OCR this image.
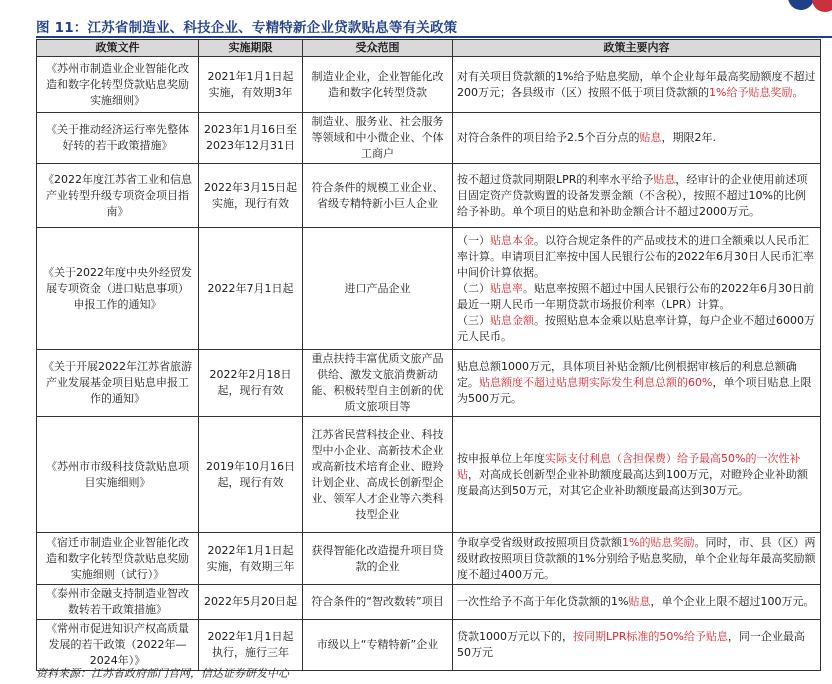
图 11：江苏省制造业、科技企业、专精特新企业贷款贴息等有关政策
政策文件	实施期限	受众范围	政策主要内容
《苏州市制造业企业智能化改造和数字化转型贷款贴息奖励实施细则》	2021年1月1日起实施，有效期3年	制造业企业，企业智能化改造和数字化转型贷款	对有关项目贷款额的1%给予贴息奖励，单个企业每年最高奖励额度不超过200万元；各县级市（区）按照不低于项目贷款额的1%给予贴息奖励。

《关于推动经济运行率先整体好转的若干政策措施》	2023年1月16日至2023年12月31日	制造业、服务业、社会服务等领域和中小微企业、个体工商户	对符合条件的项目给予2.5个百分点的贴息，期限2年.

《2022年度江苏省工业和信息产业转型升级专项资金项目指南》	2022年3月15日起实施，现行有效	符合条件的规模工业企业、省级专精特新小巨人企业	按不超过贷款同期限LPR的利率水平给予贴息，经审计的企业使用前述项目固定资产贷款购置的设备发票金额（不含税），按照不超过10%的比例给予补助。单个项目的贴息和补助金额合计不超过2000万元。

《关于2022年度中央外经贸发展专项资金（进口贴息事项）申报工作的通知》	2022年7月1日起	进口产品企业	（一）贴息本金。以符合规定条件的产品或技术的进口全额乘以人民币汇率计算。申请项目汇率按中国人民银行公布的2022年6月30日人民币汇率中间价计算依据。
（二）贴息率。贴息率按照不超过中国人民银行公布的2022年6月30日前最近一期人民币一年期贷款市场报价利率（LPR）计算。
（三）贴息金额。按照贴息本金乘以贴息率计算，每户企业不超过6000万元人民币。

《关于开展2022年江苏省旅游产业发展基金项目贴息申报工作的通知》	2022年2月18日起，现行有效	重点扶持丰富优质文旅产品供给、激发文旅消费新动能、积极转型自主创新的优质文旅项目等	贴息总额1000万元，具体项目补贴金额/比例根据审核后的利息总额确定。贴息额度不超过贴息期实际发生利息总额的60%，单个项目贴息上限为500万元。

《苏州市市级科技贷款贴息项目实施细则》	2019年10月16日起，现行有效	江苏省民营科技企业、科技型中小企业、高新技术企业或高新技术培育企业、瞪羚计划企业、高成长创新型企业、领军人才企业等六类科技型企业	按申报单位上年度实际支付利息（含担保费）给予最高50%的一次性补贴，对高成长创新型企业补助额度最高达到100万元，对瞪羚企业补助额度最高达到50万元，对其它企业补助额度最高达到30万元。

《宿迁市制造业企业智能化改造和数字化转型贷款贴息奖励实施细则（试行）》	2022年1月1日起实施，有效期三年	获得智能化改造提升项目贷款的企业	争取享受省级财政按照项目贷款额1%的贴息奖励。同时，市、县（区）两级财政按照项目贷款额的1%分别给予贴息奖励，单个企业每年最高奖励额度不超过400万元。

《泰州市金融支持制造业智改数转若干政策措施》	2022年5月20日起	符合条件的“智改数转”项目	一次性给予不高于年化贷款额的1%贴息，单个企业上限不超过100万元。

《常州市促进知识产权高质量发展的若干政策（2022年—2024年）》	2022年1月1日起执行，施行三年	市级以上“专精特新”企业	贷款1000万元以下的，按同期LPR标准的50%给予贴息，同一企业最高50万元
资料来源：江苏省政府部门官网，信达证券研发中心
